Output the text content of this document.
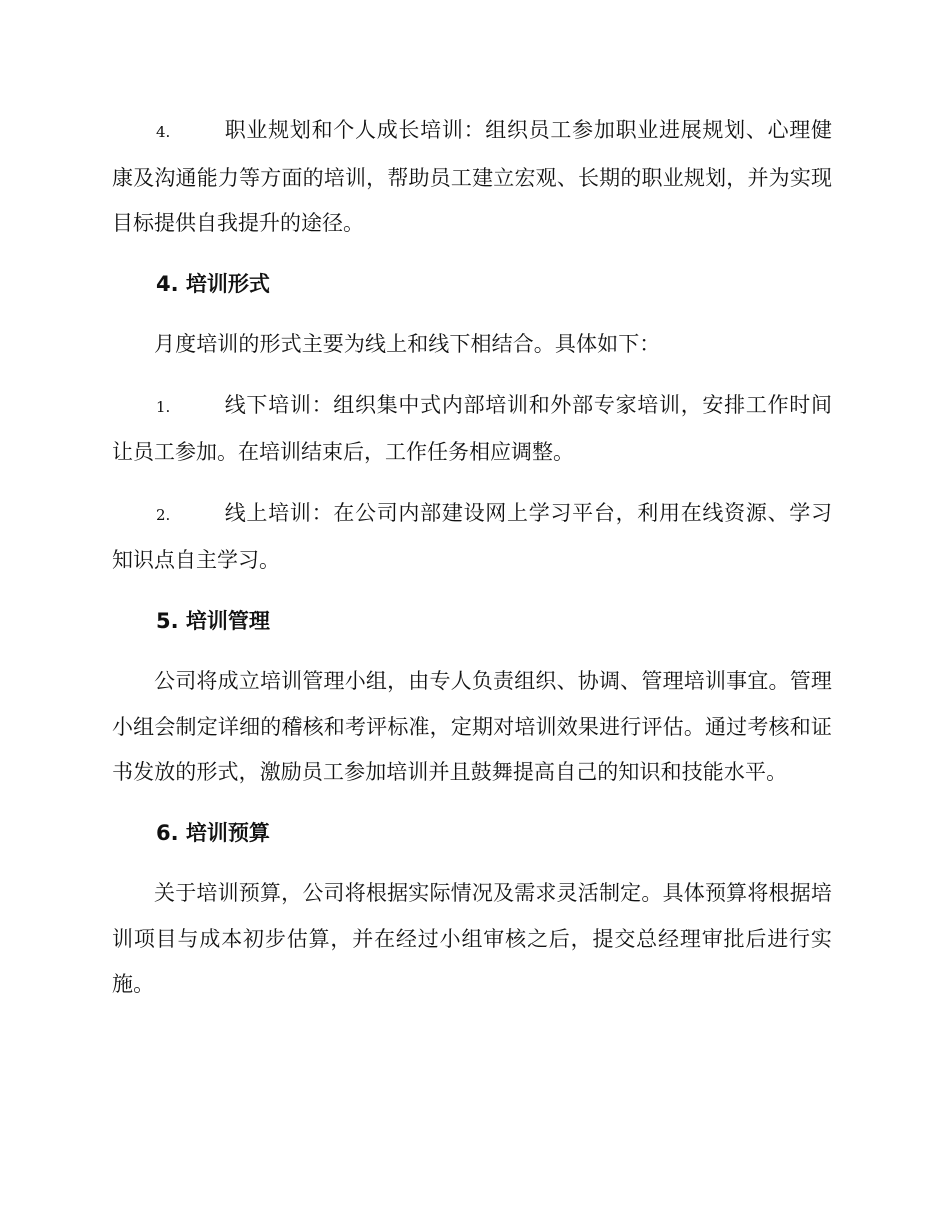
4.	职业规划和个人成长培训：组织员工参加职业进展规划、心理健康及沟通能力等方面的培训，帮助员工建立宏观、长期的职业规划，并为实现目标提供自我提升的途径。

4. 培训形式

月度培训的形式主要为线上和线下相结合。具体如下：

1.	线下培训：组织集中式内部培训和外部专家培训，安排工作时间让员工参加。在培训结束后，工作任务相应调整。

2.	线上培训：在公司内部建设网上学习平台，利用在线资源、学习知识点自主学习。

5. 培训管理

公司将成立培训管理小组，由专人负责组织、协调、管理培训事宜。管理小组会制定详细的稽核和考评标准，定期对培训效果进行评估。通过考核和证书发放的形式，激励员工参加培训并且鼓舞提高自己的知识和技能水平。

6. 培训预算

关于培训预算，公司将根据实际情况及需求灵活制定。具体预算将根据培训项目与成本初步估算，并在经过小组审核之后，提交总经理审批后进行实施。
